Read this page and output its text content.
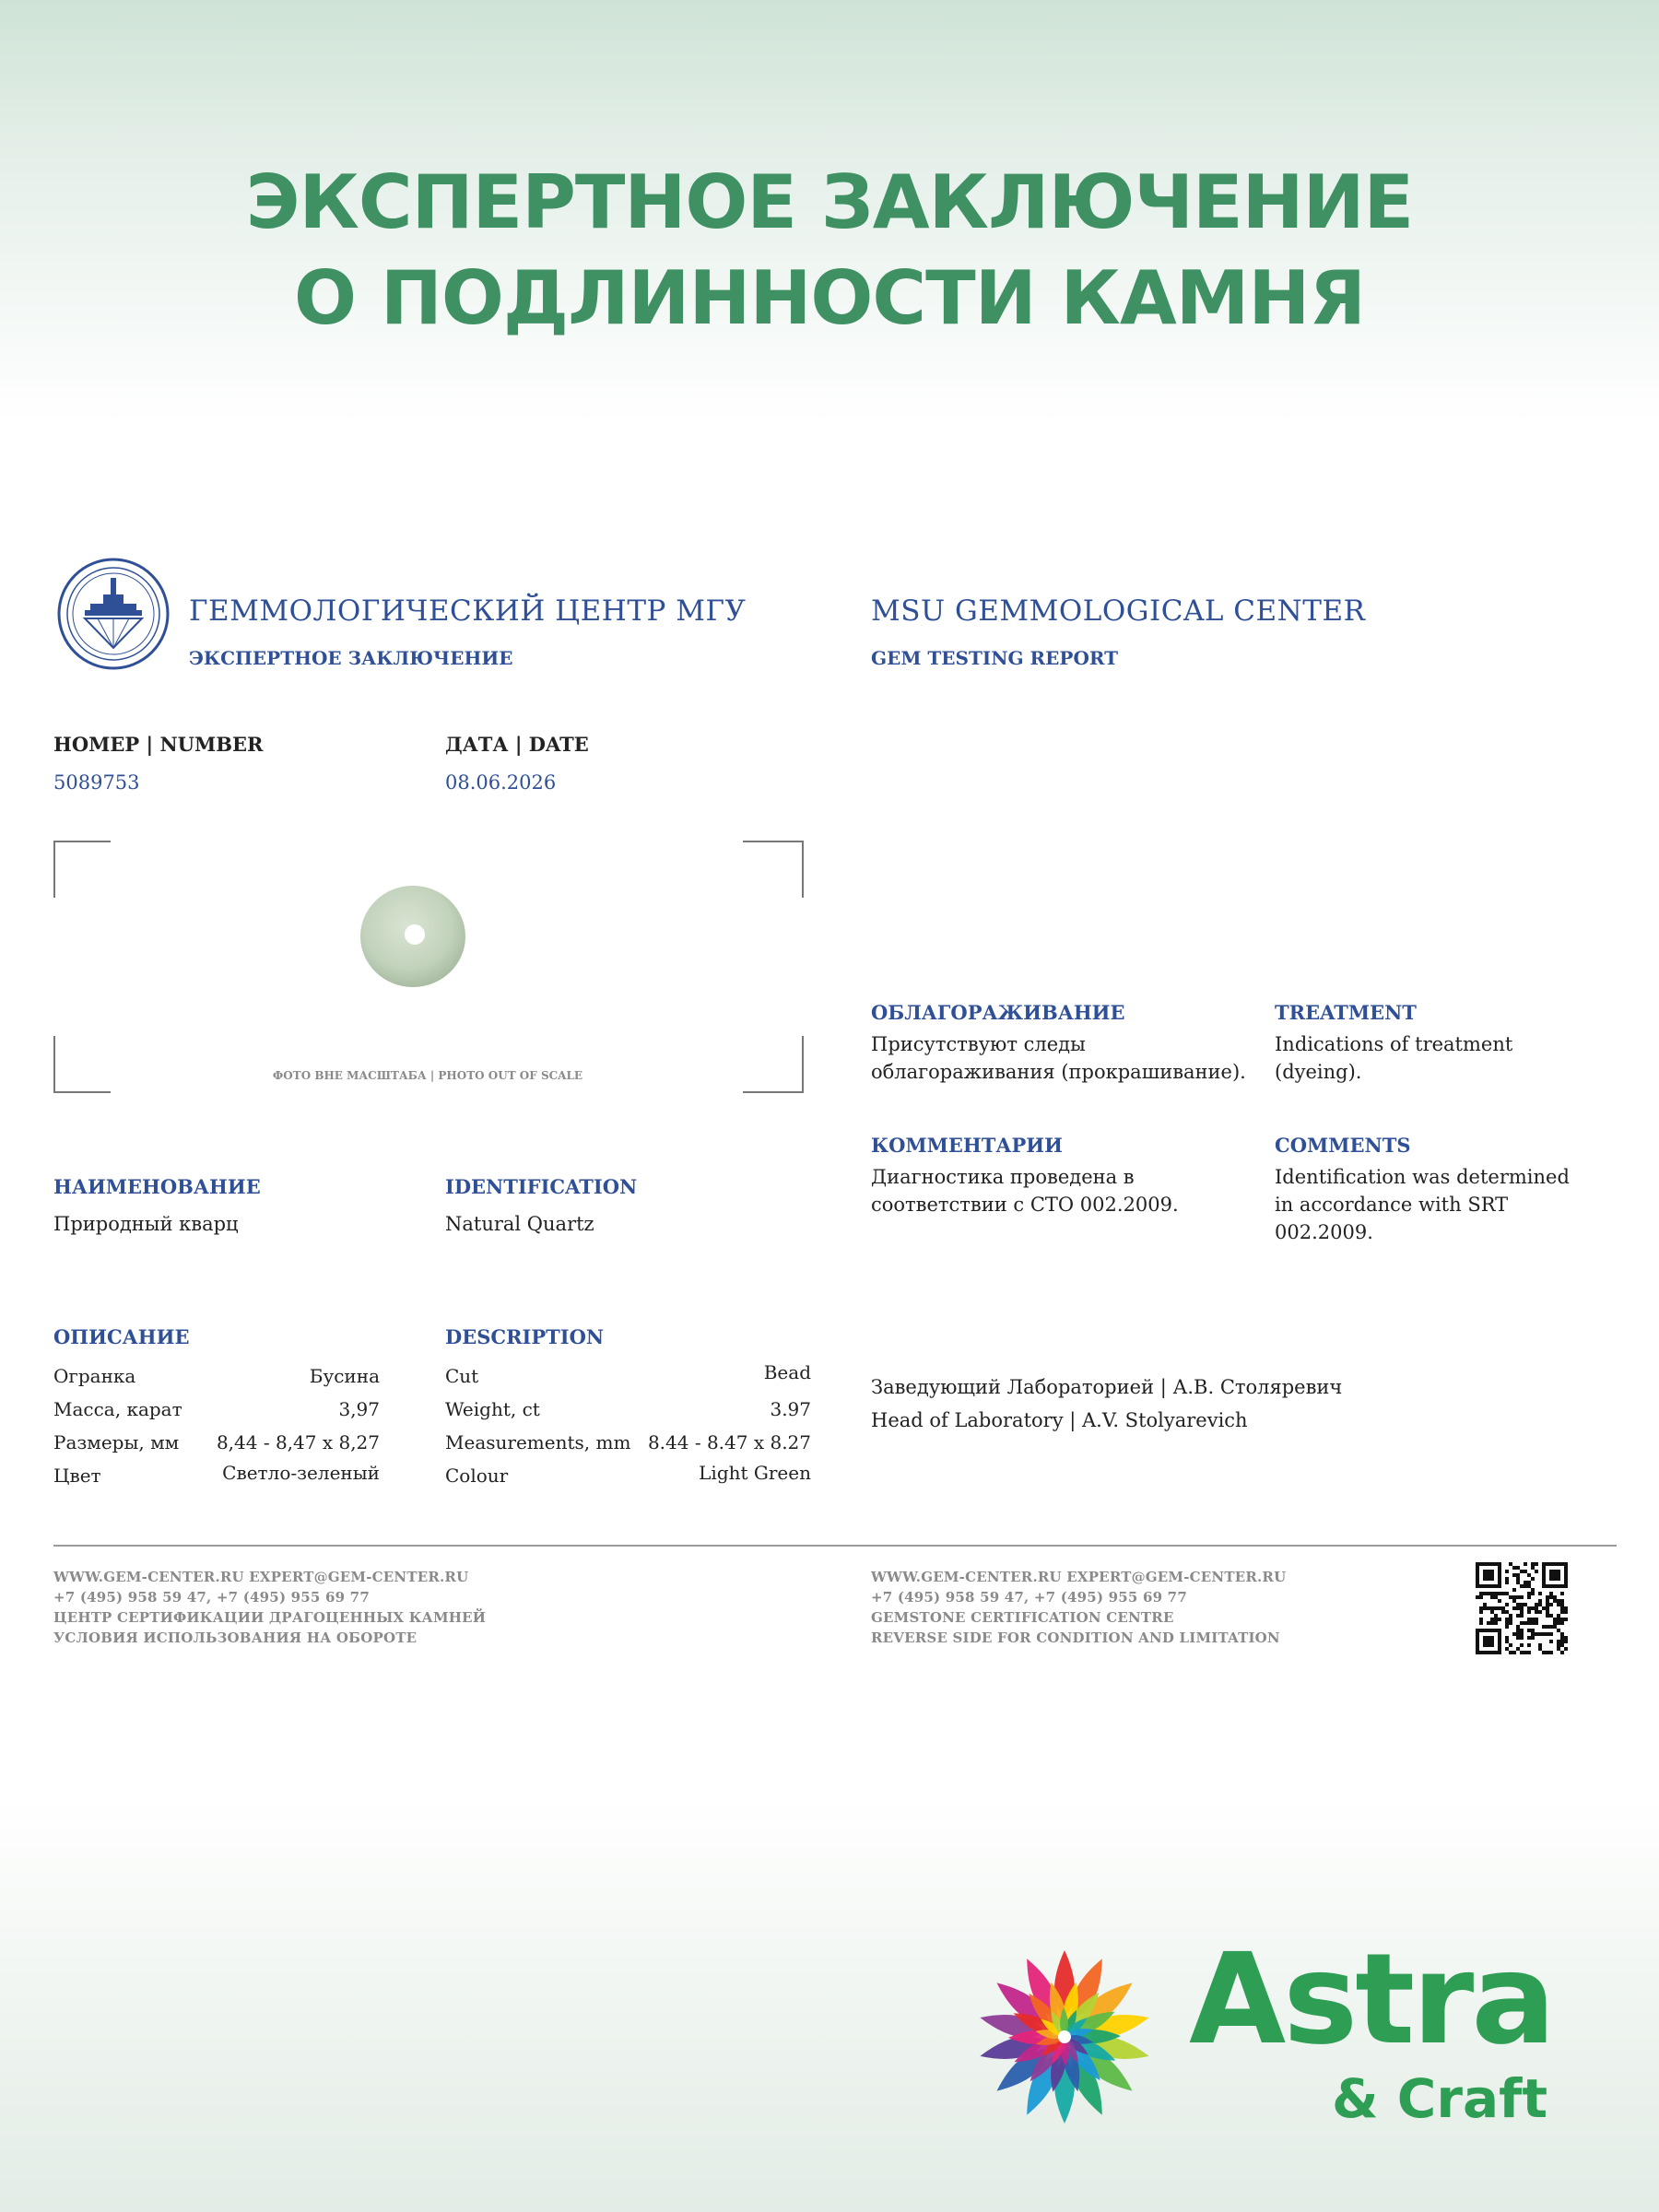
ЭКСПЕРТНОЕ ЗАКЛЮЧЕНИЕ
О ПОДЛИННОСТИ КАМНЯ
ГЕММОЛОГИЧЕСКИЙ ЦЕНТР МГУ
ЭКСПЕРТНОЕ ЗАКЛЮЧЕНИЕ
MSU GEMMOLOGICAL CENTER
GEM TESTING REPORT
НОМЕР | NUMBER
5089753
ДАТА | DATE
08.06.2026
ФОТО ВНЕ МАСШТАБА | PHOTO OUT OF SCALE
НАИМЕНОВАНИЕ
Природный кварц
IDENTIFICATION
Natural Quartz
ОПИСАНИЕ
Огранка	Бусина
Масса, карат	3,97
Размеры, мм	8,44 - 8,47 x 8,27
Цвет	Светло-зеленый
DESCRIPTION
Cut	Bead
Weight, ct	3.97
Measurements, mm 8.44 - 8.47 x 8.27
Colour	Light Green
ОБЛАГОРАЖИВАНИЕ
Присутствуют следы
облагораживания (прокрашивание).
TREATMENT
Indications of treatment
(dyeing).
КОММЕНТАРИИ
Диагностика проведена в
соответствии с СТО 002.2009.
COMMENTS
Identification was determined
in accordance with SRT
002.2009.
Заведующий Лабораторией | А.В. Столяревич
Head of Laboratory | A.V. Stolyarevich
WWW.GEM-CENTER.RU EXPERT@GEM-CENTER.RU
+7 (495) 958 59 47, +7 (495) 955 69 77
ЦЕНТР СЕРТИФИКАЦИИ ДРАГОЦЕННЫХ КАМНЕЙ
УСЛОВИЯ ИСПОЛЬЗОВАНИЯ НА ОБОРОТЕ
WWW.GEM-CENTER.RU EXPERT@GEM-CENTER.RU
+7 (495) 958 59 47, +7 (495) 955 69 77
GEMSTONE CERTIFICATION CENTRE
REVERSE SIDE FOR CONDITION AND LIMITATION
Astra
& Craft
